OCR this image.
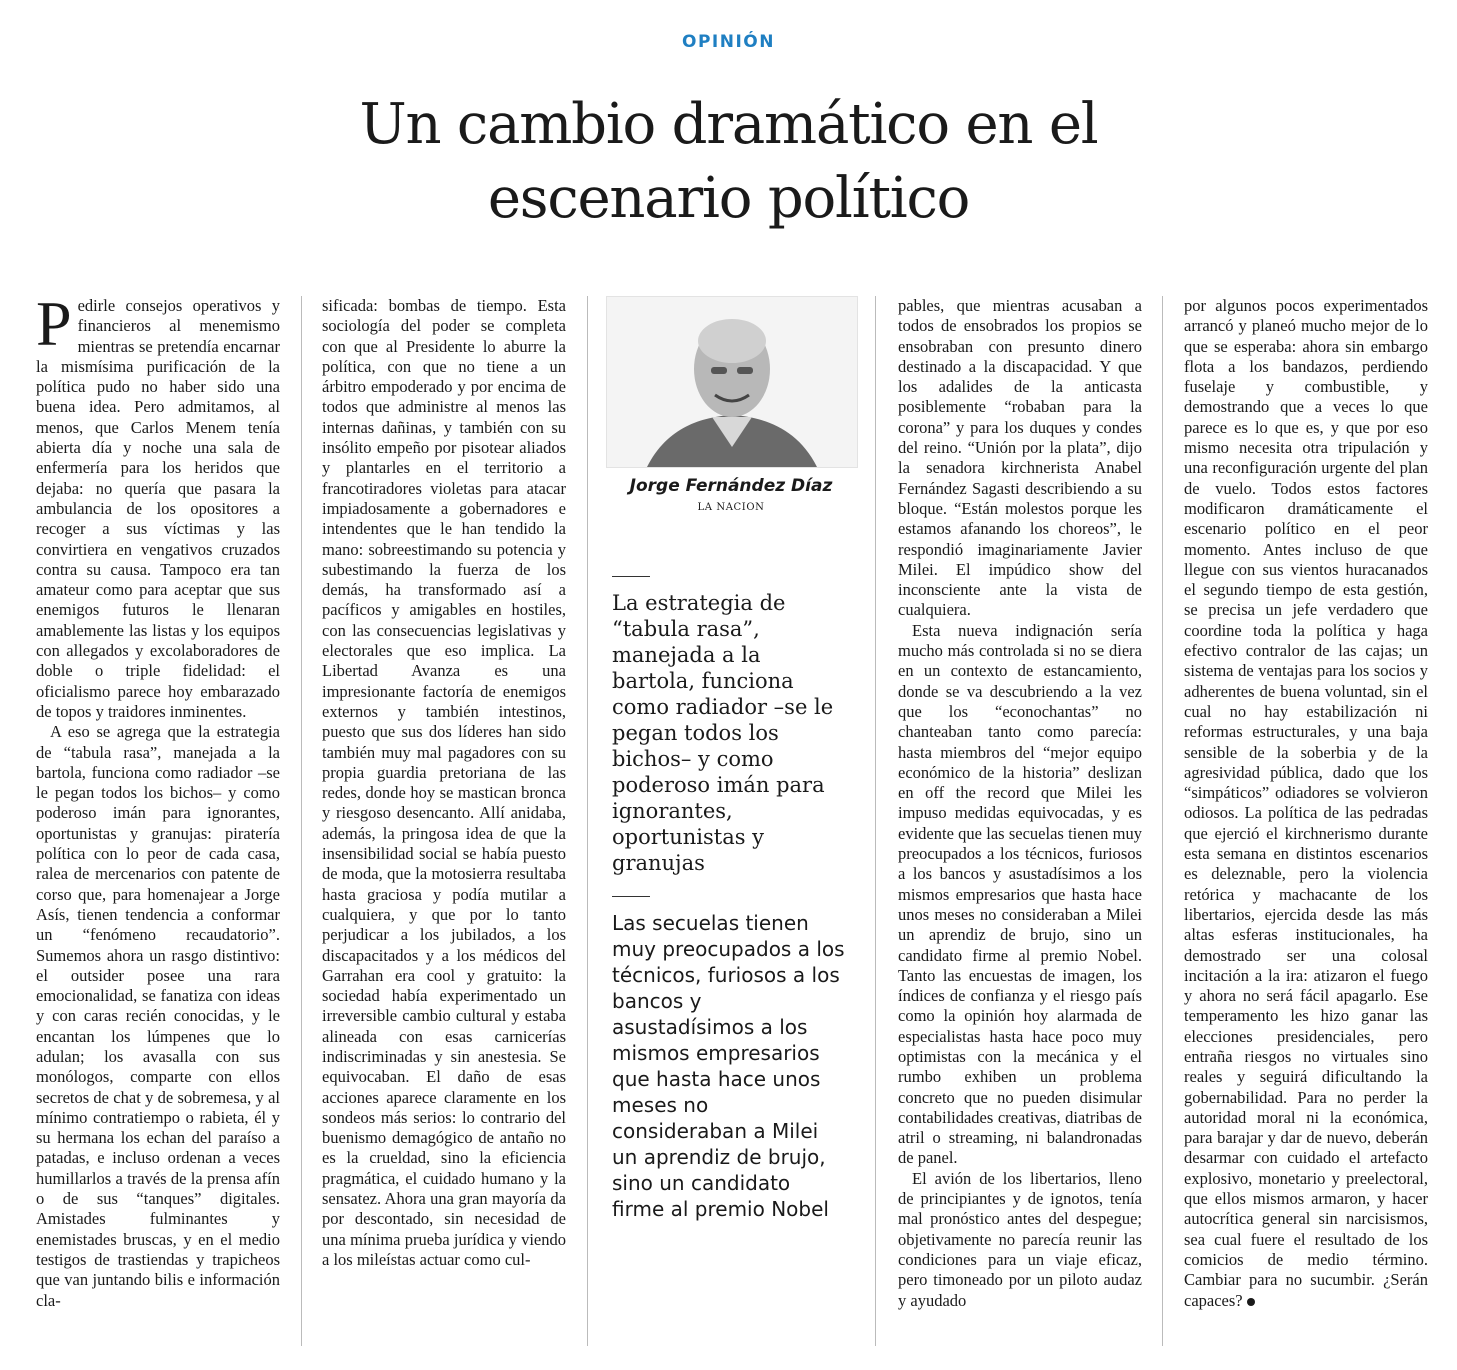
OPINIÓN
Un cambio dramático en el
escenario político

Pedirle consejos operativos y financieros al menemismo mientras se pretendía encarnar la mismísima purificación de la política pudo no haber sido una buena idea. Pero admitamos, al menos, que Carlos Menem tenía abierta día y noche una sala de enfermería para los heridos que dejaba: no quería que pasara la ambulancia de los opositores a recoger a sus víctimas y las convirtiera en vengativos cruzados contra su causa. Tampoco era tan amateur como para aceptar que sus enemigos futuros le llenaran amablemente las listas y los equipos con allegados y excolaboradores de doble o triple fidelidad: el oficialismo parece hoy embarazado de topos y traidores inminentes.

A eso se agrega que la estrategia de “tabula rasa”, manejada a la bartola, funciona como radiador –se le pegan todos los bichos– y como poderoso imán para ignorantes, oportunistas y granujas: piratería política con lo peor de cada casa, ralea de mercenarios con patente de corso que, para homenajear a Jorge Asís, tienen tendencia a conformar un “fenómeno recaudatorio”. Sumemos ahora un rasgo distintivo: el outsider posee una rara emocionalidad, se fanatiza con ideas y con caras recién conocidas, y le encantan los lúmpenes que lo adulan; los avasalla con sus monólogos, comparte con ellos secretos de chat y de sobremesa, y al mínimo contratiempo o rabieta, él y su hermana los echan del paraíso a patadas, e incluso ordenan a veces humillarlos a través de la prensa afín o de sus “tanques” digitales. Amistades fulminantes y enemistades bruscas, y en el medio testigos de trastiendas y trapicheos que van juntando bilis e información cla-

sificada: bombas de tiempo. Esta sociología del poder se completa con que al Presidente lo aburre la política, con que no tiene a un árbitro empoderado y por encima de todos que administre al menos las internas dañinas, y también con su insólito empeño por pisotear aliados y plantarles en el territorio a francotiradores violetas para atacar impiadosamente a gobernadores e intendentes que le han tendido la mano: sobreestimando su potencia y subestimando la fuerza de los demás, ha transformado así a pacíficos y amigables en hostiles, con las consecuencias legislativas y electorales que eso implica. La Libertad Avanza es una impresionante factoría de enemigos externos y también intestinos, puesto que sus dos líderes han sido también muy mal pagadores con su propia guardia pretoriana de las redes, donde hoy se mastican bronca y riesgoso desencanto. Allí anidaba, además, la pringosa idea de que la insensibilidad social se había puesto de moda, que la motosierra resultaba hasta graciosa y podía mutilar a cualquiera, y que por lo tanto perjudicar a los jubilados, a los discapacitados y a los médicos del Garrahan era cool y gratuito: la sociedad había experimentado un irreversible cambio cultural y estaba alineada con esas carnicerías indiscriminadas y sin anestesia. Se equivocaban. El daño de esas acciones aparece claramente en los sondeos más serios: lo contrario del buenismo demagógico de antaño no es la crueldad, sino la eficiencia pragmática, el cuidado humano y la sensatez. Ahora una gran mayoría da por descontado, sin necesidad de una mínima prueba jurídica y viendo a los mileístas actuar como cul-

Jorge Fernández Díaz
LA NACION
La estrategia de “tabula rasa”, manejada a la bartola, funciona como radiador –se le pegan todos los bichos– y como poderoso imán para ignorantes, oportunistas y granujas
Las secuelas tienen muy preocupados a los técnicos, furiosos a los bancos y asustadísimos a los mismos empresarios que hasta hace unos meses no consideraban a Milei un aprendiz de brujo, sino un candidato firme al premio Nobel

pables, que mientras acusaban a todos de ensobrados los propios se ensobraban con presunto dinero destinado a la discapacidad. Y que los adalides de la anticasta posiblemente “robaban para la corona” y para los duques y condes del reino. “Unión por la plata”, dijo la senadora kirchnerista Anabel Fernández Sagasti describiendo a su bloque. “Están molestos porque les estamos afanando los choreos”, le respondió imaginariamente Javier Milei. El impúdico show del inconsciente ante la vista de cualquiera.

Esta nueva indignación sería mucho más controlada si no se diera en un contexto de estancamiento, donde se va descubriendo a la vez que los “econochantas” no chanteaban tanto como parecía: hasta miembros del “mejor equipo económico de la historia” deslizan en off the record que Milei les impuso medidas equivocadas, y es evidente que las secuelas tienen muy preocupados a los técnicos, furiosos a los bancos y asustadísimos a los mismos empresarios que hasta hace unos meses no consideraban a Milei un aprendiz de brujo, sino un candidato firme al premio Nobel. Tanto las encuestas de imagen, los índices de confianza y el riesgo país como la opinión hoy alarmada de especialistas hasta hace poco muy optimistas con la mecánica y el rumbo exhiben un problema concreto que no pueden disimular contabilidades creativas, diatribas de atril o streaming, ni balandronadas de panel.

El avión de los libertarios, lleno de principiantes y de ignotos, tenía mal pronóstico antes del despegue; objetivamente no parecía reunir las condiciones para un viaje eficaz, pero timoneado por un piloto audaz y ayudado

por algunos pocos experimentados arrancó y planeó mucho mejor de lo que se esperaba: ahora sin embargo flota a los bandazos, perdiendo fuselaje y combustible, y demostrando que a veces lo que parece es lo que es, y que por eso mismo necesita otra tripulación y una reconfiguración urgente del plan de vuelo. Todos estos factores modificaron dramáticamente el escenario político en el peor momento. Antes incluso de que llegue con sus vientos huracanados el segundo tiempo de esta gestión, se precisa un jefe verdadero que coordine toda la política y haga efectivo contralor de las cajas; un sistema de ventajas para los socios y adherentes de buena voluntad, sin el cual no hay estabilización ni reformas estructurales, y una baja sensible de la soberbia y de la agresividad pública, dado que los “simpáticos” odiadores se volvieron odiosos. La política de las pedradas que ejerció el kirchnerismo durante esta semana en distintos escenarios es deleznable, pero la violencia retórica y machacante de los libertarios, ejercida desde las más altas esferas institucionales, ha demostrado ser una colosal incitación a la ira: atizaron el fuego y ahora no será fácil apagarlo. Ese temperamento les hizo ganar las elecciones presidenciales, pero entraña riesgos no virtuales sino reales y seguirá dificultando la gobernabilidad. Para no perder la autoridad moral ni la económica, para barajar y dar de nuevo, deberán desarmar con cuidado el artefacto explosivo, monetario y preelectoral, que ellos mismos armaron, y hacer autocrítica general sin narcisismos, sea cual fuere el resultado de los comicios de medio término. Cambiar para no sucumbir. ¿Serán capaces?
